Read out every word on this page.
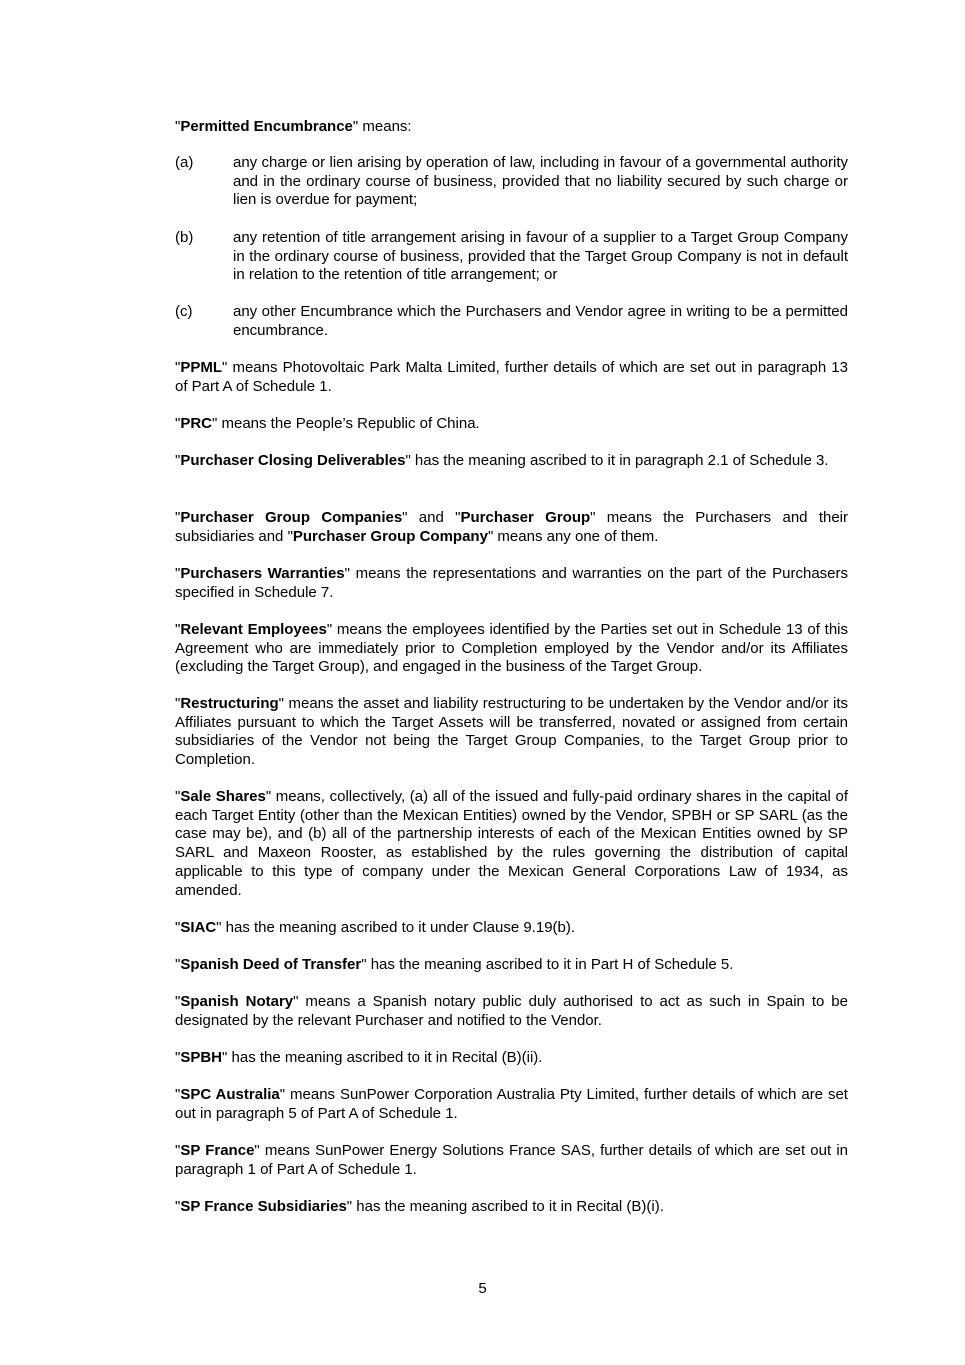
"Permitted Encumbrance" means:
(a)	any charge or lien arising by operation of law, including in favour of a governmental authority and in the ordinary course of business, provided that no liability secured by such charge or lien is overdue for payment;
(b)	any retention of title arrangement arising in favour of a supplier to a Target Group Company in the ordinary course of business, provided that the Target Group Company is not in default in relation to the retention of title arrangement; or
(c)	any other Encumbrance which the Purchasers and Vendor agree in writing to be a permitted encumbrance.
"PPML" means Photovoltaic Park Malta Limited, further details of which are set out in paragraph 13 of Part A of Schedule 1.
"PRC" means the People’s Republic of China.
"Purchaser Closing Deliverables" has the meaning ascribed to it in paragraph 2.1 of Schedule 3.
"Purchaser Group Companies" and "Purchaser Group" means the Purchasers and their subsidiaries and "Purchaser Group Company" means any one of them.
"Purchasers Warranties" means the representations and warranties on the part of the Purchasers specified in Schedule 7.
"Relevant Employees" means the employees identified by the Parties set out in Schedule 13 of this Agreement who are immediately prior to Completion employed by the Vendor and/or its Affiliates (excluding the Target Group), and engaged in the business of the Target Group.
"Restructuring" means the asset and liability restructuring to be undertaken by the Vendor and/or its Affiliates pursuant to which the Target Assets will be transferred, novated or assigned from certain subsidiaries of the Vendor not being the Target Group Companies, to the Target Group prior to Completion.
"Sale Shares" means, collectively, (a) all of the issued and fully-paid ordinary shares in the capital of each Target Entity (other than the Mexican Entities) owned by the Vendor, SPBH or SP SARL (as the case may be), and (b) all of the partnership interests of each of the Mexican Entities owned by SP SARL and Maxeon Rooster, as established by the rules governing the distribution of capital applicable to this type of company under the Mexican General Corporations Law of 1934, as amended.
"SIAC" has the meaning ascribed to it under Clause 9.19(b).
"Spanish Deed of Transfer" has the meaning ascribed to it in Part H of Schedule 5.
"Spanish Notary" means a Spanish notary public duly authorised to act as such in Spain to be designated by the relevant Purchaser and notified to the Vendor.
"SPBH" has the meaning ascribed to it in Recital (B)(ii).
"SPC Australia" means SunPower Corporation Australia Pty Limited, further details of which are set out in paragraph 5 of Part A of Schedule 1.
"SP France" means SunPower Energy Solutions France SAS, further details of which are set out in paragraph 1 of Part A of Schedule 1.
"SP France Subsidiaries" has the meaning ascribed to it in Recital (B)(i).
5
